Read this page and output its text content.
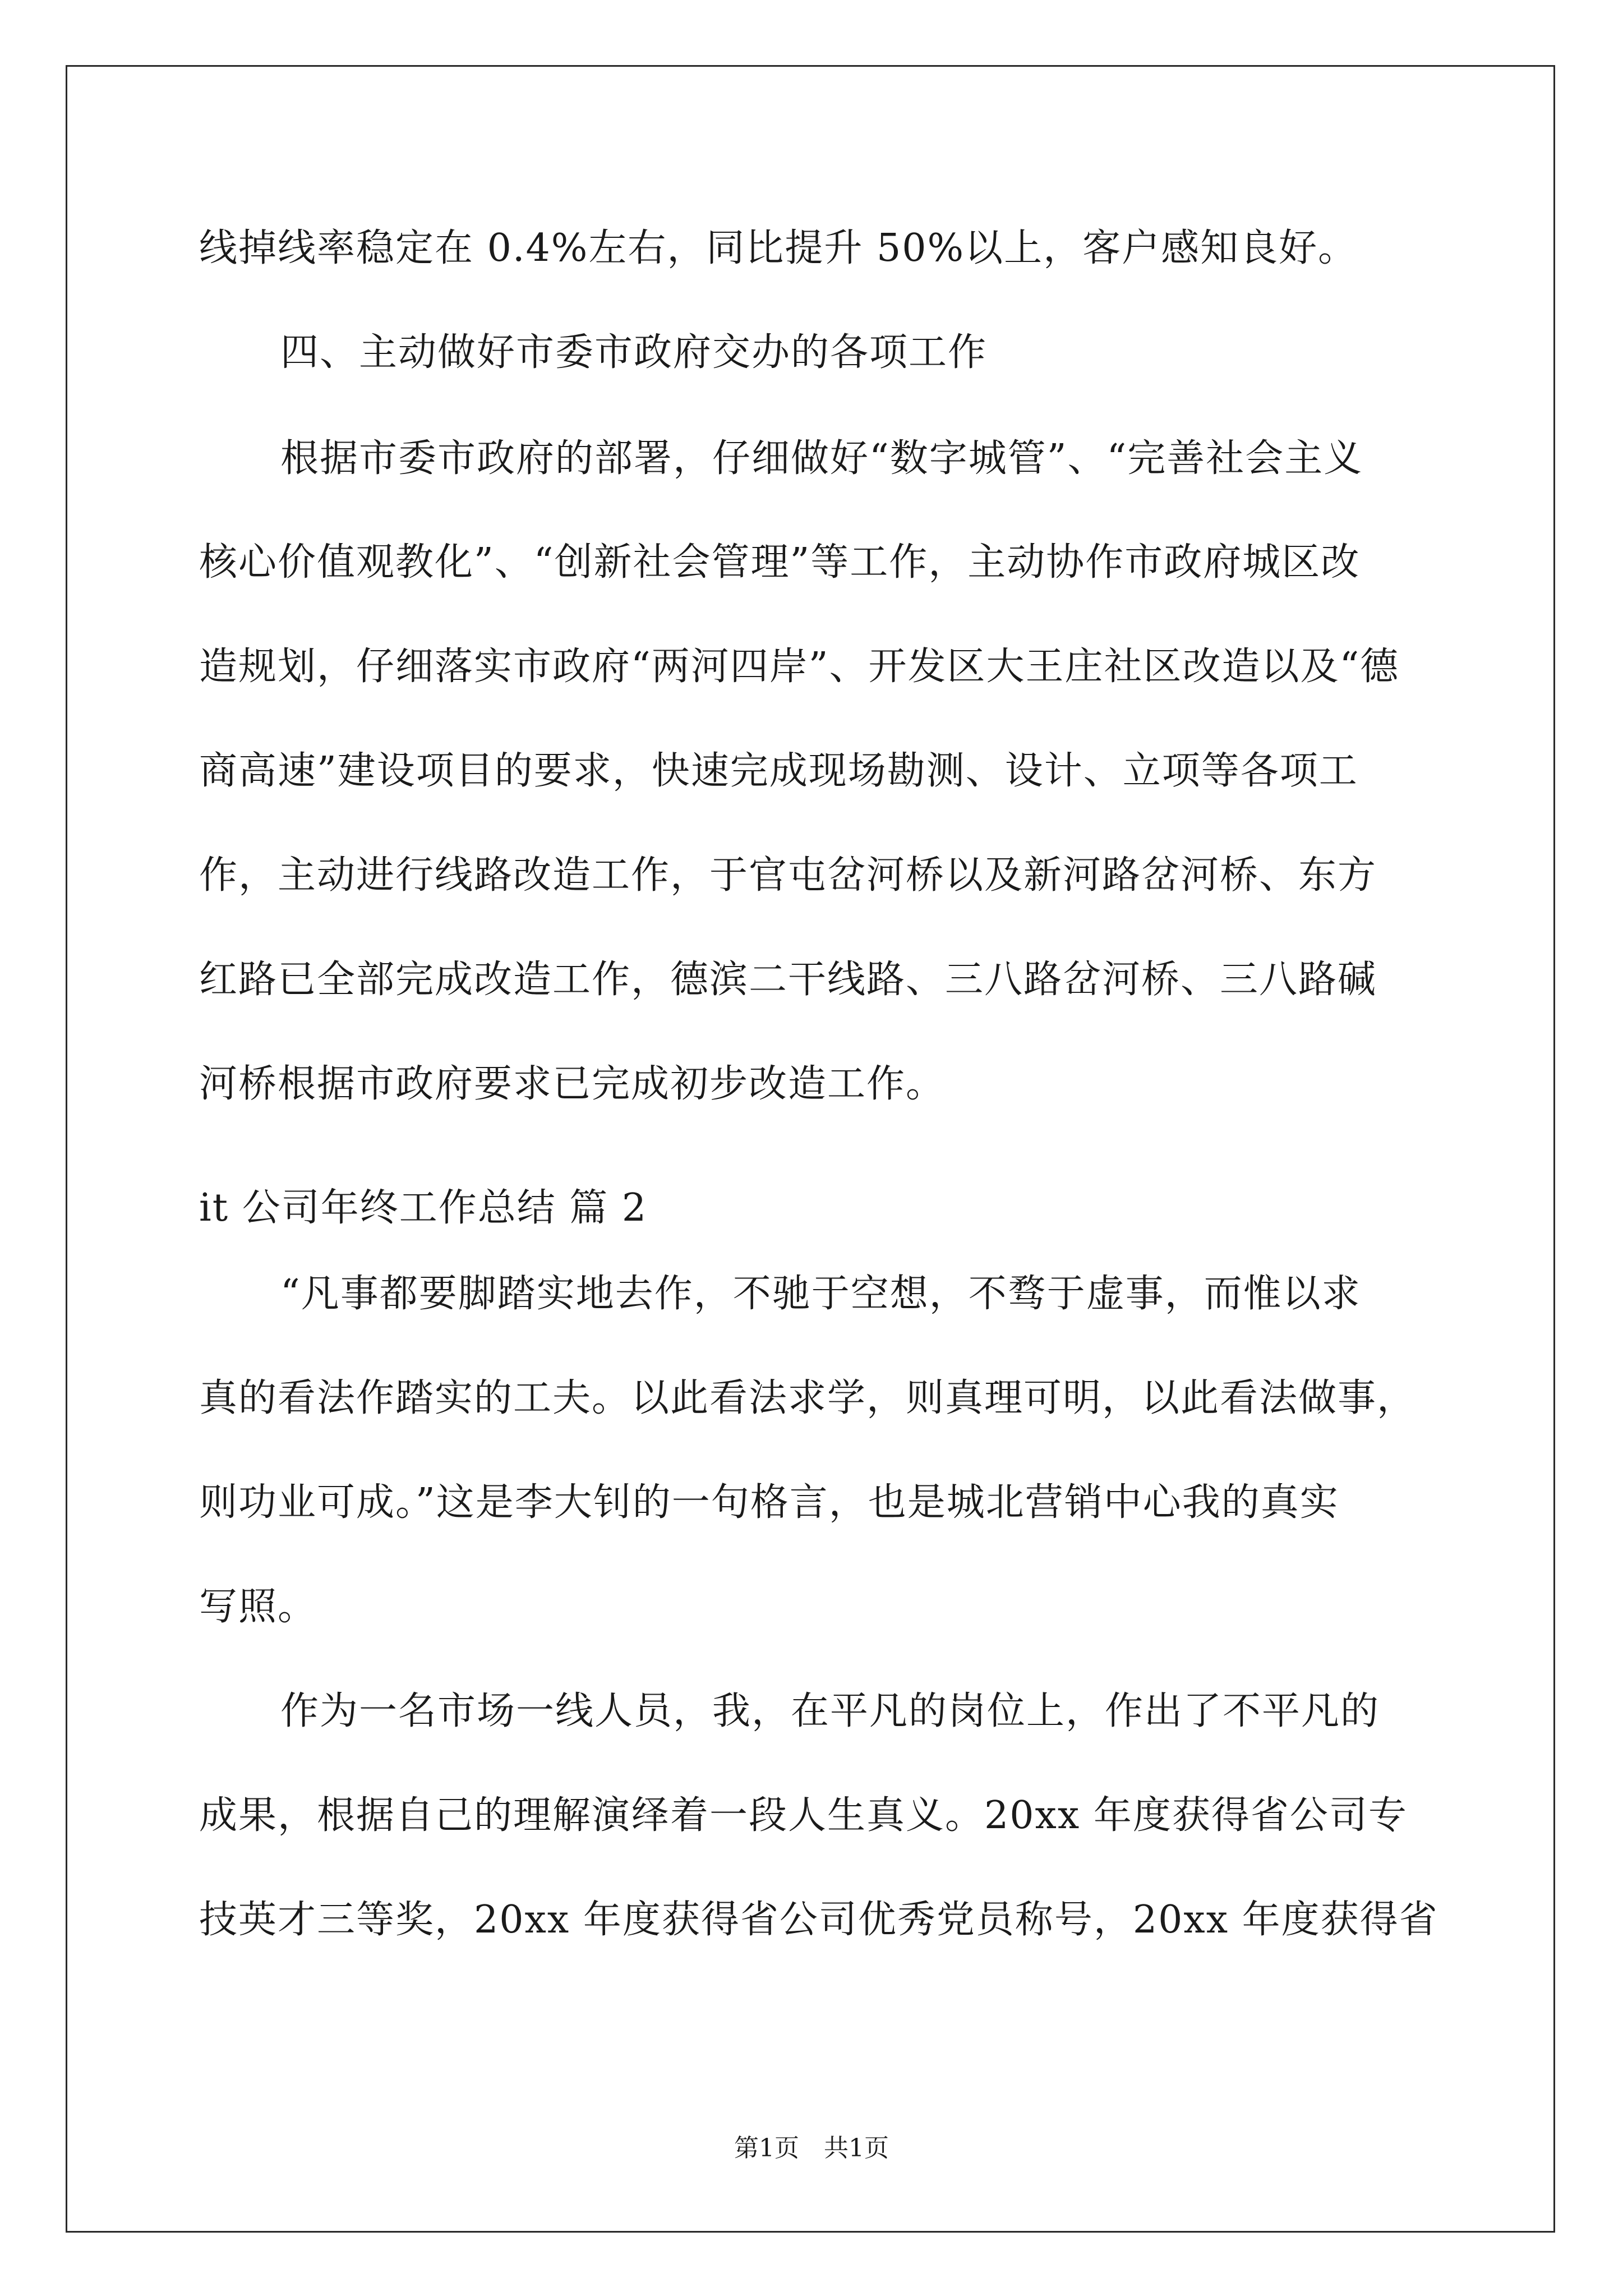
线掉线率稳定在 0.4%左右，同比提升 50%以上，客户感知良好。
四、主动做好市委市政府交办的各项工作
根据市委市政府的部署，仔细做好“数字城管”、“完善社会主义
核心价值观教化”、“创新社会管理”等工作，主动协作市政府城区改
造规划，仔细落实市政府“两河四岸”、开发区大王庄社区改造以及“德
商高速”建设项目的要求，快速完成现场勘测、设计、立项等各项工
作，主动进行线路改造工作，于官屯岔河桥以及新河路岔河桥、东方
红路已全部完成改造工作，德滨二干线路、三八路岔河桥、三八路碱
河桥根据市政府要求已完成初步改造工作。
it 公司年终工作总结 篇 2
“凡事都要脚踏实地去作，不驰于空想，不骛于虚事，而惟以求
真的看法作踏实的工夫。以此看法求学，则真理可明，以此看法做事，
则功业可成。”这是李大钊的一句格言，也是城北营销中心我的真实
写照。
作为一名市场一线人员，我，在平凡的岗位上，作出了不平凡的
成果，根据自己的理解演绎着一段人生真义。20xx 年度获得省公司专
技英才三等奖，20xx 年度获得省公司优秀党员称号，20xx 年度获得省
第1页　共1页
